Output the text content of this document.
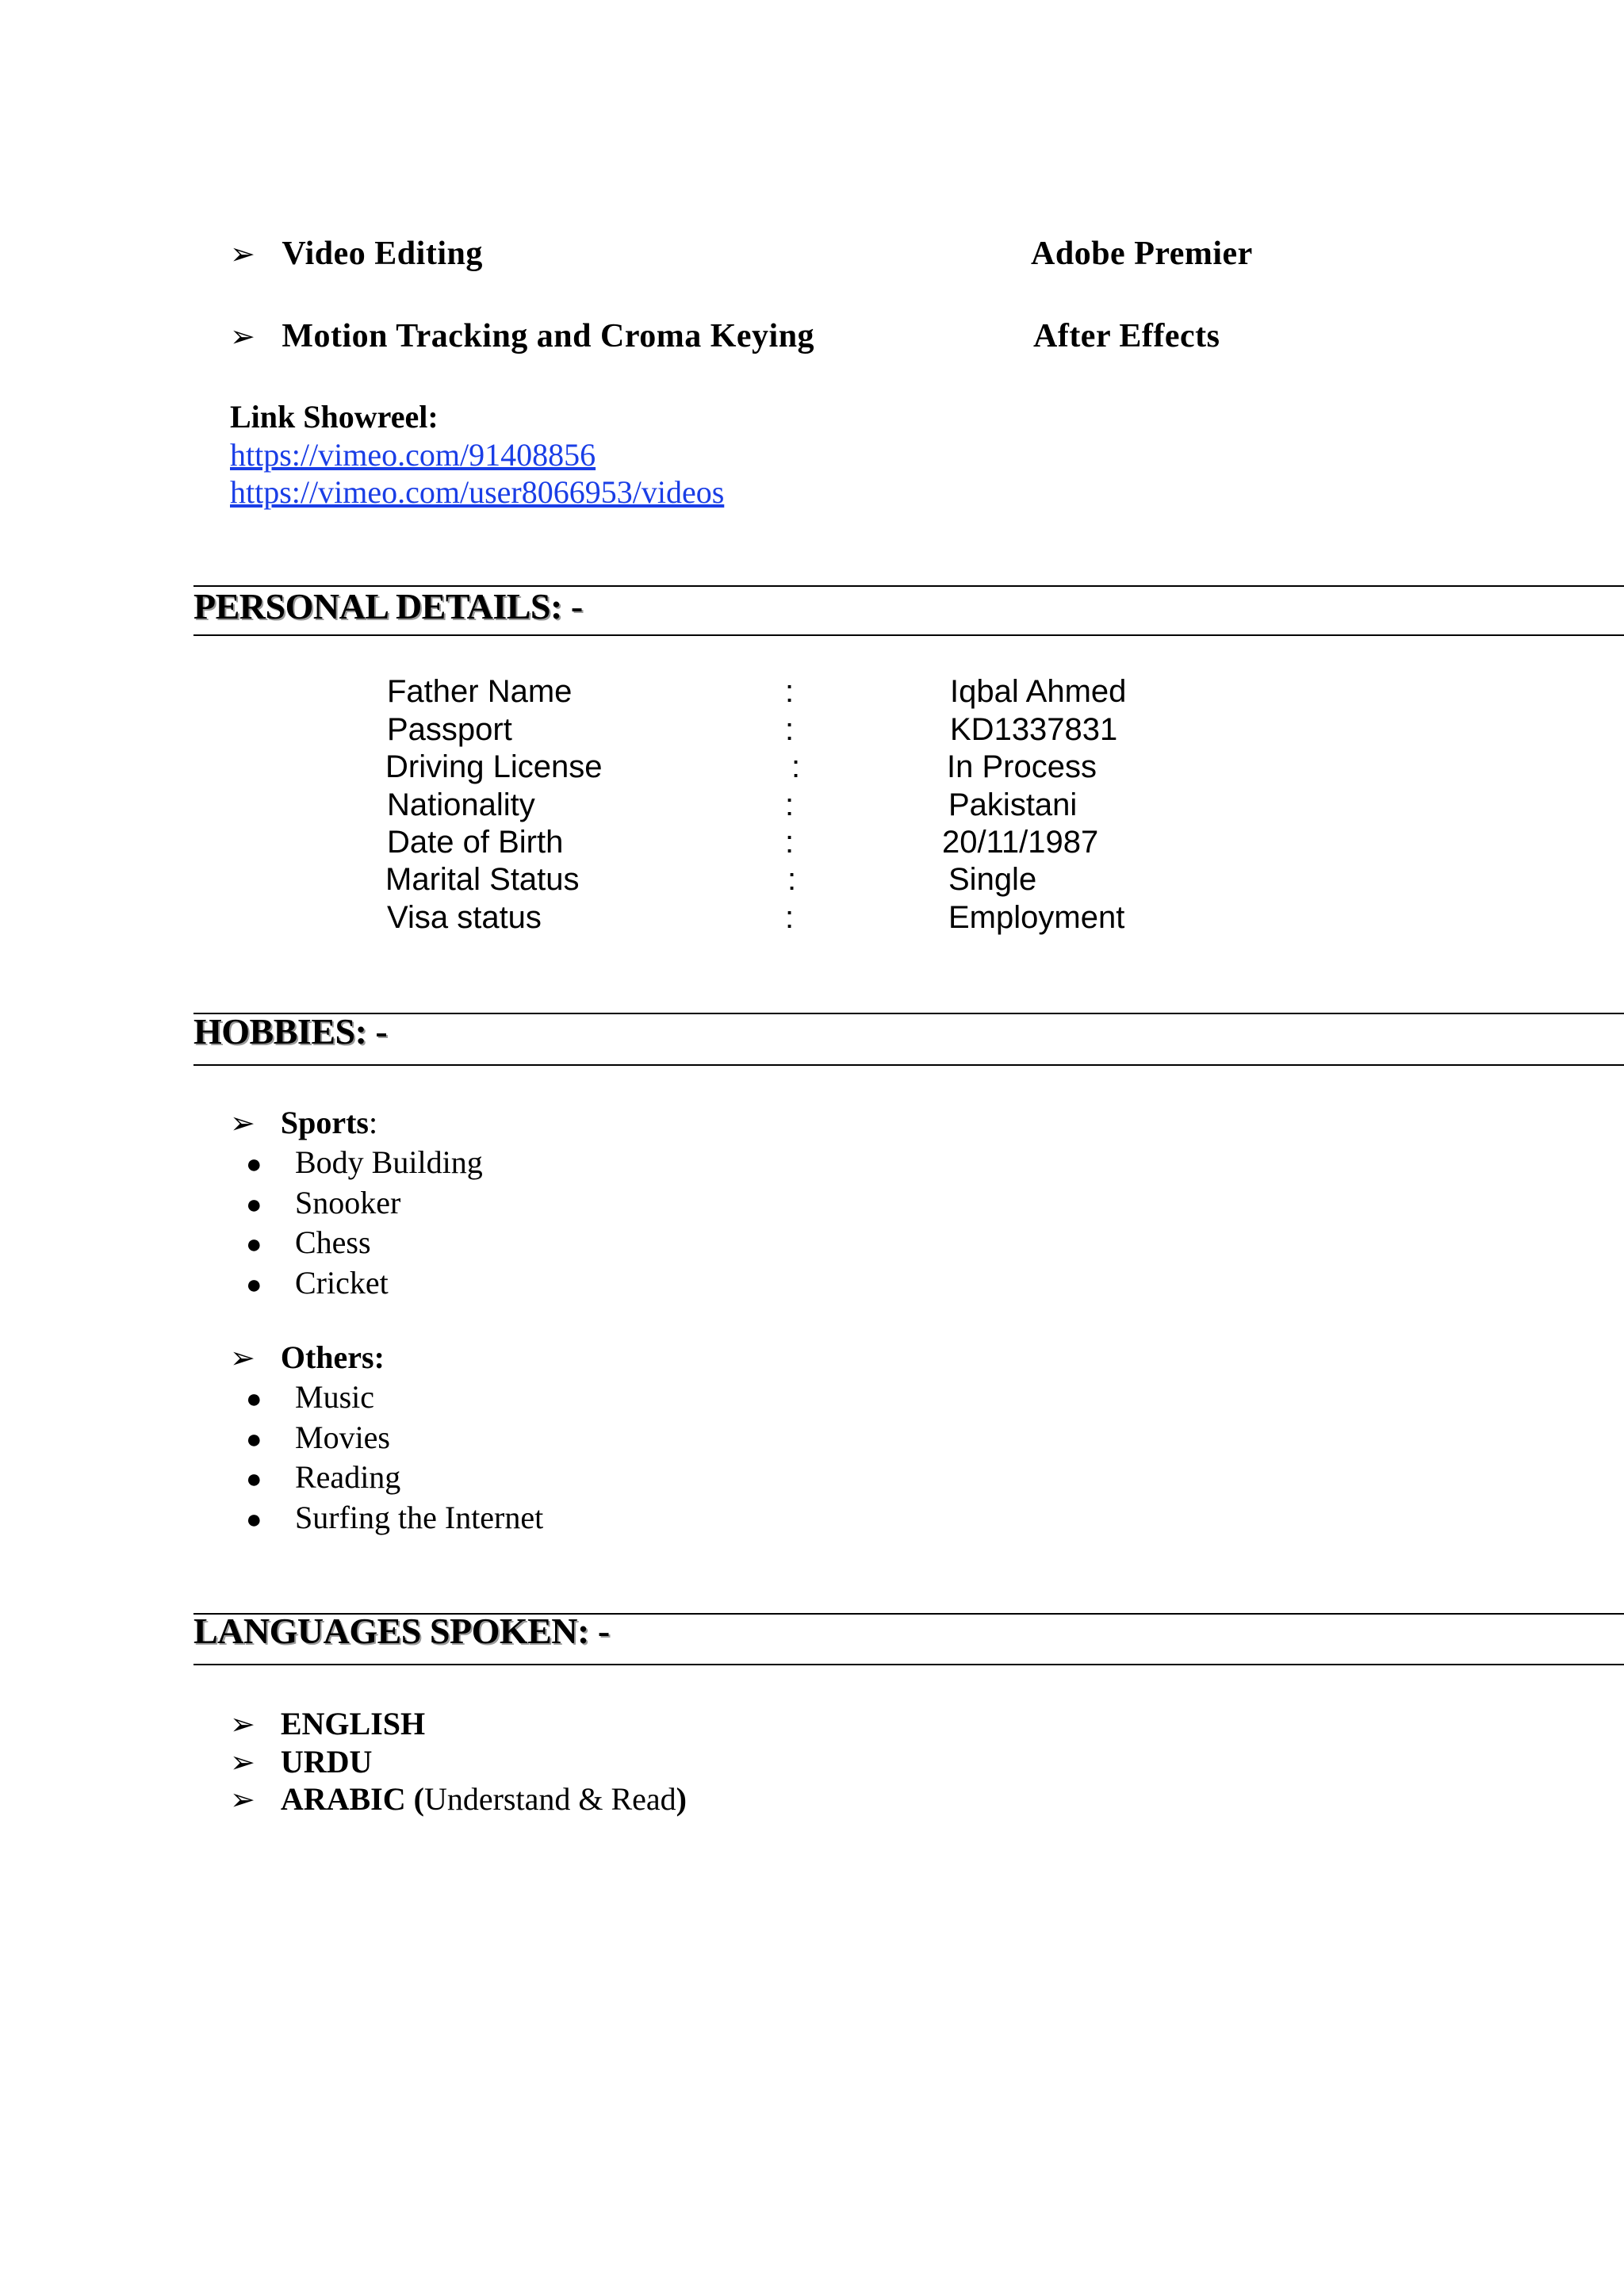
➢ Video Editing	Adobe Premier
➢ Motion Tracking and Croma Keying	After Effects
Link Showreel:
https://vimeo.com/91408856
https://vimeo.com/user8066953/videos
PERSONAL DETAILS: -
Father Name	:	Iqbal Ahmed
Passport	:	KD1337831
Driving License	:	In Process
Nationality	:	Pakistani
Date of Birth	:	20/11/1987
Marital Status	:	Single
Visa status	:	Employment
HOBBIES: -
➢ Sports:
● Body Building
● Snooker
● Chess
● Cricket
➢ Others:
● Music
● Movies
● Reading
● Surfing the Internet
LANGUAGES SPOKEN: -
➢ ENGLISH
➢ URDU
➢ ARABIC (Understand & Read)
